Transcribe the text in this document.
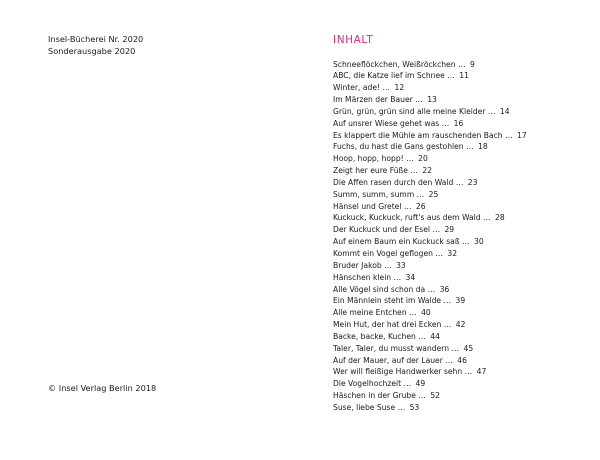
Insel-Bücherei Nr. 2020
Sonderausgabe 2020
© Insel Verlag Berlin 2018
INHALT
Schneeflöckchen, Weißröckchen … 9
ABC, die Katze lief im Schnee … 11
Winter, ade! … 12
Im Märzen der Bauer … 13
Grün, grün, grün sind alle meine Kleider … 14
Auf unsrer Wiese gehet was … 16
Es klappert die Mühle am rauschenden Bach … 17
Fuchs, du hast die Gans gestohlen … 18
Hoop, hopp, hopp! … 20
Zeigt her eure Füße … 22
Die Affen rasen durch den Wald … 23
Summ, summ, summ … 25
Hänsel und Gretel … 26
Kuckuck, Kuckuck, ruft's aus dem Wald … 28
Der Kuckuck und der Esel … 29
Auf einem Baum ein Kuckuck saß … 30
Kommt ein Vogel geflogen … 32
Bruder Jakob … 33
Hänschen klein … 34
Alle Vögel sind schon da … 36
Ein Männlein steht im Walde … 39
Alle meine Entchen … 40
Mein Hut, der hat drei Ecken … 42
Backe, backe, Kuchen … 44
Taler, Taler, du musst wandern … 45
Auf der Mauer, auf der Lauer … 46
Wer will fleißige Handwerker sehn … 47
Die Vogelhochzeit … 49
Häschen in der Grube … 52
Suse, liebe Suse … 53
